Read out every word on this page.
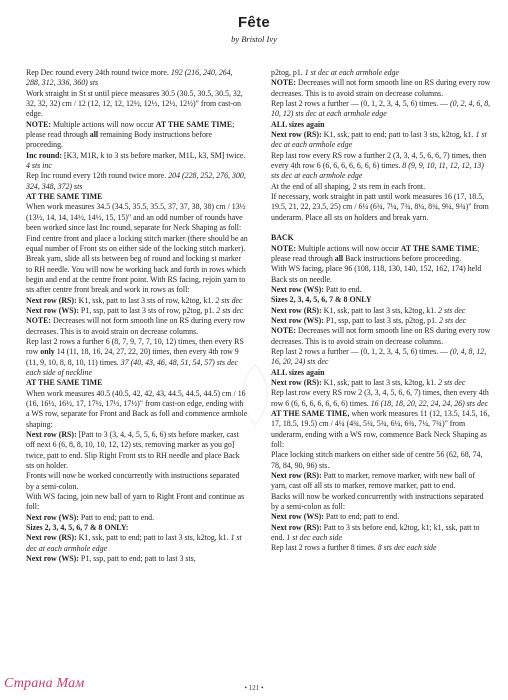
Fête
by Bristol Ivy

Rep Dec round every 24th round twice more. 192 (216, 240, 264, 288, 312, 336, 360) sts

Work straight in St st until piece measures 30.5 (30.5, 30.5, 30.5, 32, 32, 32, 32) cm / 12 (12, 12, 12, 12½, 12½, 12½, 12½)" from cast-on edge.

NOTE: Multiple actions will now occur AT THE SAME TIME; please read through all remaining Body instructions before proceeding.

Inc round: [K3, M1R, k to 3 sts before marker, M1L, k3, SM] twice. 4 sts inc

Rep Inc round every 12th round twice more. 204 (228, 252, 276, 300, 324, 348, 372) sts

AT THE SAME TIME

When work measures 34.5 (34.5, 35.5, 35.5, 37, 37, 38, 38) cm / 13½ (13½, 14, 14, 14½, 14½, 15, 15)" and an odd number of rounds have been worked since last Inc round, separate for Neck Shaping as foll:

Find centre front and place a locking stitch marker (there should be an equal number of Front sts on either side of the locking stitch marker). Break yarn, slide all sts between beg of round and locking st marker to RH needle. You will now be working back and forth in rows which begin and end at the centre front point. With RS facing, rejoin yarn to sts after centre front break and work in rows as foll:

Next row (RS): K1, ssk, patt to last 3 sts of row, k2tog, k1. 2 sts dec

Next row (WS): P1, ssp, patt to last 3 sts of row, p2tog, p1. 2 sts dec

NOTE: Decreases will not form smooth line on RS during every row decreases. This is to avoid strain on decrease columns.

Rep last 2 rows a further 6 (8, 7, 9, 7, 7, 10, 12) times, then every RS row only 14 (11, 18, 16, 24, 27, 22, 20) times, then every 4th row 9 (11, 9, 10, 8, 8, 10, 11) times. 37 (40, 43, 46, 48, 51, 54, 57) sts dec each side of neckline

AT THE SAME TIME

When work measures 40.5 (40.5, 42, 42, 43, 44.5, 44.5, 44.5) cm / 16 (16, 16½, 16½, 17, 17½, 17½, 17½)" from cast-on edge, ending with a WS row, separate for Front and Back as foll and commence armhole shaping:

Next row (RS): [Patt to 3 (3, 4, 4, 5, 5, 6, 6) sts before marker, cast off next 6 (6, 8, 8, 10, 10, 12, 12) sts, removing marker as you go] twice, patt to end. Slip Right Front sts to RH needle and place Back sts on holder.

Fronts will now be worked concurrently with instructions separated by a semi-colon.

With WS facing, join new ball of yarn to Right Front and continue as foll:

Next row (WS): Patt to end; patt to end.

Sizes 2, 3, 4, 5, 6, 7 & 8 ONLY:

Next row (RS): K1, ssk, patt to end; patt to last 3 sts, k2tog, k1. 1 st dec at each armhole edge

Next row (WS): P1, ssp, patt to end; patt to last 3 sts,

p2tog, p1. 1 st dec at each armhole edge

NOTE: Decreases will not form smooth line on RS during every row decreases. This is to avoid strain on decrease columns.

Rep last 2 rows a further — (0, 1, 2, 3, 4, 5, 6) times. — (0, 2, 4, 6, 8, 10, 12) sts dec at each armhole edge

ALL sizes again

Next row (RS): K1, ssk, patt to end; patt to last 3 sts, k2tog, k1. 1 st dec at each armhole edge

Rep last row every RS row a further 2 (3, 3, 4, 5, 6, 6, 7) times, then every 4th row 6 (6, 6, 6, 6, 6, 6, 6) times. 8 (9, 9, 10, 11, 12, 12, 13) sts dec at each armhole edge

At the end of all shaping, 2 sts rem in each front.

If necessary, work straight in patt until work measures 16 (17, 18.5, 19.5, 21, 22, 23.5, 25) cm / 6¼ (6¾, 7¼, 7¾, 8¼, 8¾, 9¼, 9¾)" from underarm. Place all sts on holders and break yarn.

BACK

NOTE: Multiple actions will now occur AT THE SAME TIME; please read through all Back instructions before proceeding.

With WS facing, place 96 (108, 118, 130, 140, 152, 162, 174) held Back sts on needle.

Next row (WS): Patt to end.

Sizes 2, 3, 4, 5, 6, 7 & 8 ONLY

Next row (RS): K1, ssk, patt to last 3 sts, k2tog, k1. 2 sts dec

Next row (WS): P1, ssp, patt to last 3 sts, p2tog, p1. 2 sts dec

NOTE: Decreases will not form smooth line on RS during every row decreases. This is to avoid strain on decrease columns.

Rep last 2 rows a further — (0, 1, 2, 3, 4, 5, 6) times. — (0, 4, 8, 12, 16, 20, 24) sts dec

ALL sizes again

Next row (RS): K1, ssk, patt to last 3 sts, k2tog, k1. 2 sts dec

Rep last row every RS row 2 (3, 3, 4, 5, 6, 6, 7) times, then every 4th row 6 (6, 6, 6, 6, 6, 6, 6) times. 16 (18, 18, 20, 22, 24, 24, 26) sts dec

AT THE SAME TIME, when work measures 11 (12, 13.5, 14.5, 16, 17, 18.5, 19.5) cm / 4¼ (4¾, 5¼, 5¾, 6¼, 6¾, 7¼, 7¾)" from underarm, ending with a WS row, commence Back Neck Shaping as foll:

Place locking stitch markers on either side of centre 56 (62, 68, 74, 78, 84, 90, 96) sts.

Next row (RS): Patt to marker, remove marker, with new ball of yarn, cast off all sts to marker, remove marker, patt to end.

Backs will now be worked concurrently with instructions separated by a semi-colon as foll:

Next row (WS): Patt to end; patt to end.

Next row (RS): Patt to 3 sts before end, k2tog, k1; k1, ssk, patt to end. 1 st dec each side

Rep last 2 rows a further 8 times. 8 sts dec each side

Страна Мам	• 121 •
